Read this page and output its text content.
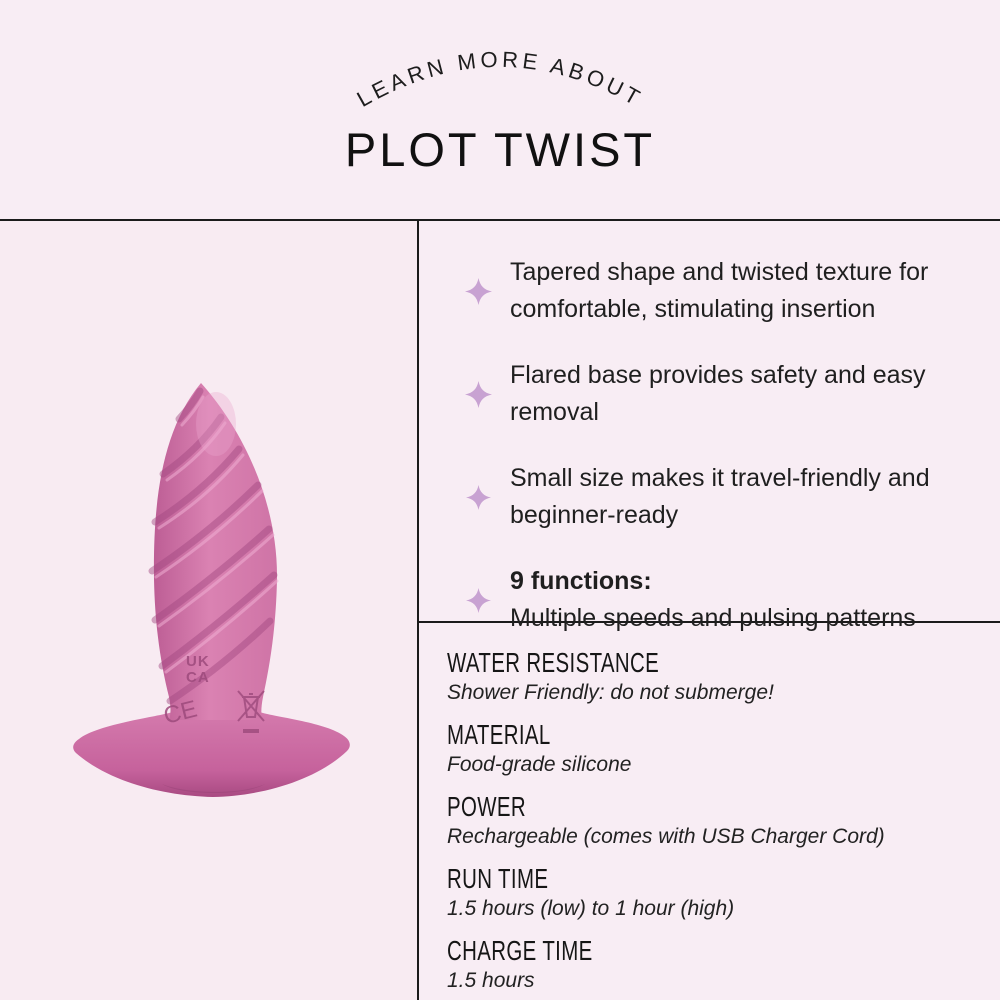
LEARN MORE ABOUT
PLOT TWIST
UK
CA
CE
Tapered shape and twisted texture for
comfortable, stimulating insertion
Flared base provides safety and easy
removal
Small size makes it travel-friendly and
beginner-ready
9 functions:
Multiple speeds and pulsing patterns
WATER RESISTANCE
Shower Friendly: do not submerge!
MATERIAL
Food-grade silicone
POWER
Rechargeable (comes with USB Charger Cord)
RUN TIME
1.5 hours (low) to 1 hour (high)
CHARGE TIME
1.5 hours
